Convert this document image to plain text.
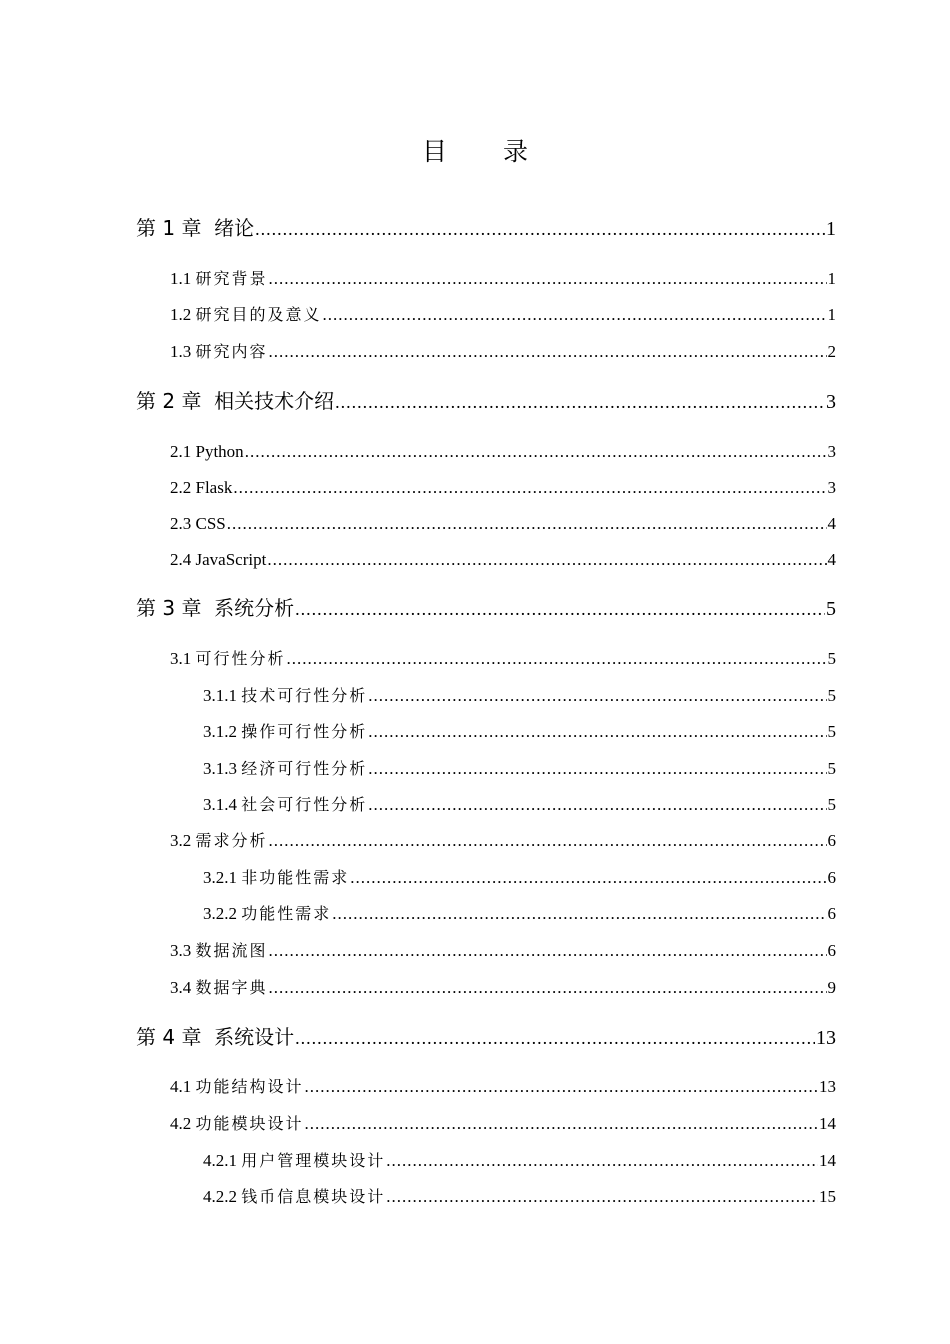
目 录
第 1 章 绪论 .....	1
1.1 研究背景 .....	1
1.2 研究目的及意义 .....	1
1.3 研究内容 .....	2
第 2 章 相关技术介绍 .....	3
2.1 Python .....	3
2.2 Flask .....	3
2.3 CSS .....	4
2.4 JavaScript .....	4
第 3 章 系统分析 .....	5
3.1 可行性分析 .....	5
3.1.1 技术可行性分析 .....	5
3.1.2 操作可行性分析 .....	5
3.1.3 经济可行性分析 .....	5
3.1.4 社会可行性分析 .....	5
3.2 需求分析 .....	6
3.2.1 非功能性需求 .....	6
3.2.2 功能性需求 .....	6
3.3 数据流图 .....	6
3.4 数据字典 .....	9
第 4 章 系统设计 .....	13
4.1 功能结构设计 .....	13
4.2 功能模块设计 .....	14
4.2.1 用户管理模块设计 .....	14
4.2.2 钱币信息模块设计 .....	15
